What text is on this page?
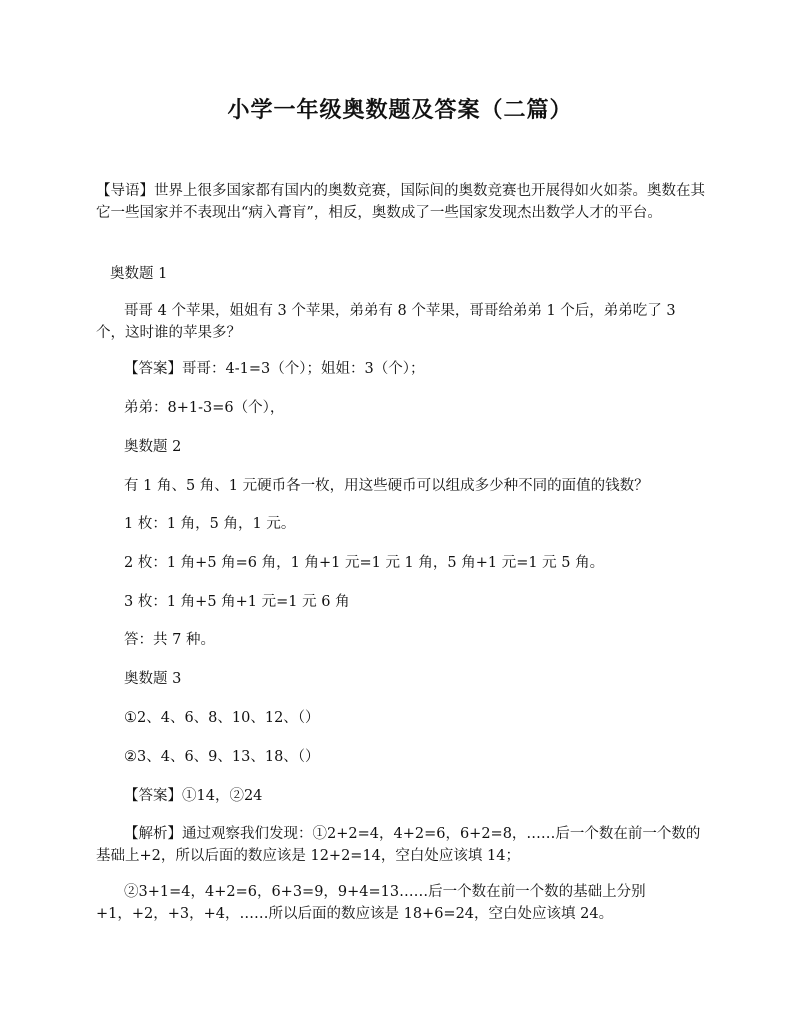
小学一年级奥数题及答案（二篇）
【导语】世界上很多国家都有国内的奥数竞赛，国际间的奥数竞赛也开展得如火如荼。奥数在其它一些国家并不表现出“病入膏肓”，相反，奥数成了一些国家发现杰出数学人才的平台。
奥数题 1
哥哥 4 个苹果，姐姐有 3 个苹果，弟弟有 8 个苹果，哥哥给弟弟 1 个后，弟弟吃了 3 个，这时谁的苹果多？
【答案】哥哥：4-1=3（个）；姐姐：3（个）；
弟弟：8+1-3=6（个），
奥数题 2
有 1 角、5 角、1 元硬币各一枚，用这些硬币可以组成多少种不同的面值的钱数？
1 枚：1 角，5 角，1 元。
2 枚：1 角+5 角=6 角，1 角+1 元=1 元 1 角，5 角+1 元=1 元 5 角。
3 枚：1 角+5 角+1 元=1 元 6 角
答：共 7 种。
奥数题 3
①2、4、6、8、10、12、（）
②3、4、6、9、13、18、（）
【答案】①14，②24
【解析】通过观察我们发现：①2+2=4，4+2=6，6+2=8，……后一个数在前一个数的基础上+2，所以后面的数应该是 12+2=14，空白处应该填 14；
②3+1=4，4+2=6，6+3=9，9+4=13……后一个数在前一个数的基础上分别+1，+2，+3，+4，……所以后面的数应该是 18+6=24，空白处应该填 24。
